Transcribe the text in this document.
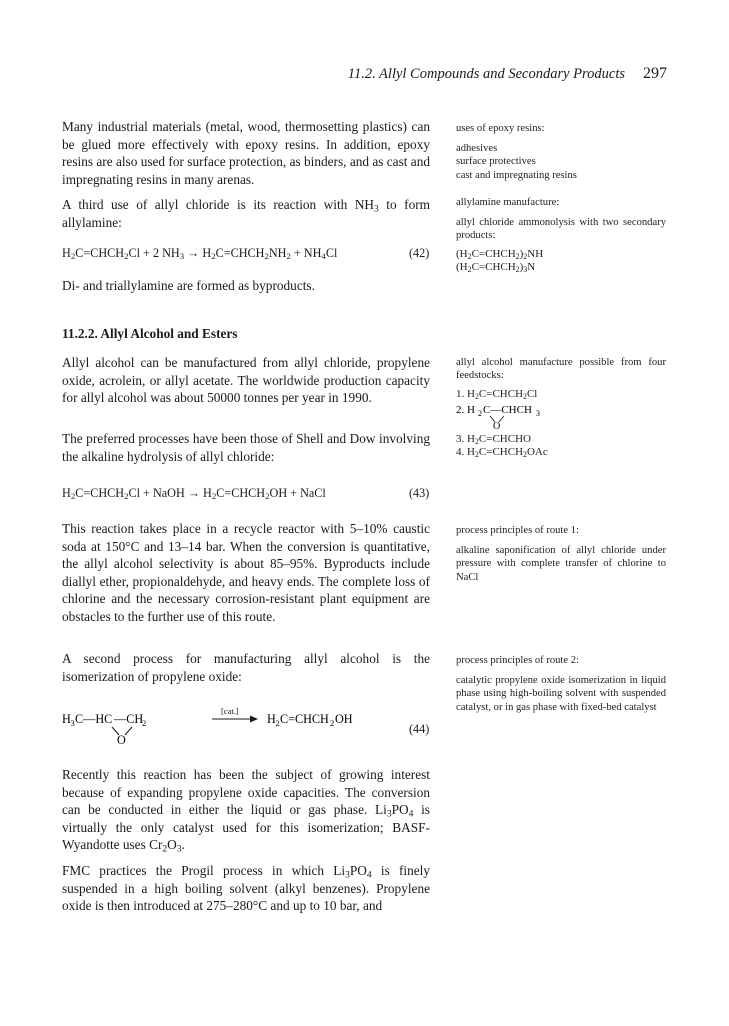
11.2. Allyl Compounds and Secondary Products 297

Many industrial materials (metal, wood, thermosetting plastics) can be glued more effectively with epoxy resins. In addition, epoxy resins are also used for surface protection, as binders, and as cast and impregnating resins in many arenas.

A third use of allyl chloride is its reaction with $NH_3$ to form allylamine:

$H_2C=CHCH_2Cl + 2$ $NH_3$ → $H_2C=CHCH_2NH_2 + NH_4Cl$	(42)

Di- and triallylamine are formed as byproducts.

11.2.2. Allyl Alcohol and Esters

Allyl alcohol can be manufactured from allyl chloride, propylene oxide, acrolein, or allyl acetate. The worldwide production capacity for allyl alcohol was about 50000 tonnes per year in 1990.

The preferred processes have been those of Shell and Dow involving the alkaline hydrolysis of allyl chloride:

$H_2C=CHCH_2Cl$ + NaOH → $H_2C=CHCH_2OH$ + NaCl	(43)

This reaction takes place in a recycle reactor with 5–10% caustic soda at 150°C and 13–14 bar. When the conversion is quantitative, the allyl alcohol selectivity is about 85–95%. Byproducts include diallyl ether, propionaldehyde, and heavy ends. The complete loss of chlorine and the necessary corrosion-resistant plant equipment are obstacles to the further use of this route.

A second process for manufacturing allyl alcohol is the isomerization of propylene oxide:

H 3 C—HC —CH
2
O
H 2 C=CHCH 2 OH
[cat.]
(44)

Recently this reaction has been the subject of growing interest because of expanding propylene oxide capacities. The conversion can be conducted in either the liquid or gas phase. $Li_3PO_4$ is virtually the only catalyst used for this isomerization; BASF-Wyandotte uses $Cr_2O_3$.

FMC practices the Progil process in which $Li_3PO_4$ is finely suspended in a high boiling solvent (alkyl benzenes). Propylene oxide is then introduced at 275–280°C and up to 10 bar, and

uses of epoxy resins:
adhesives
surface protectives
cast and impregnating resins
allylamine manufacture:

allyl chloride ammonolysis with two secondary products:

$(H_2C=CHCH_2)_2NH$
$(H_2C=CHCH_2)_3N$

allyl alcohol manufacture possible from four feedstocks:

1. $H_2C=CHCH_2Cl$
2. H 2 C—CHCH 3
O
3. $H_2C=CHCHO$
4. $H_2C=CHCH_2OAc$
process principles of route 1:

alkaline saponification of allyl chloride under pressure with complete transfer of chlorine to NaCl

process principles of route 2:

catalytic propylene oxide isomerization in liquid phase using high-boiling solvent with suspended catalyst, or in gas phase with fixed-bed catalyst
